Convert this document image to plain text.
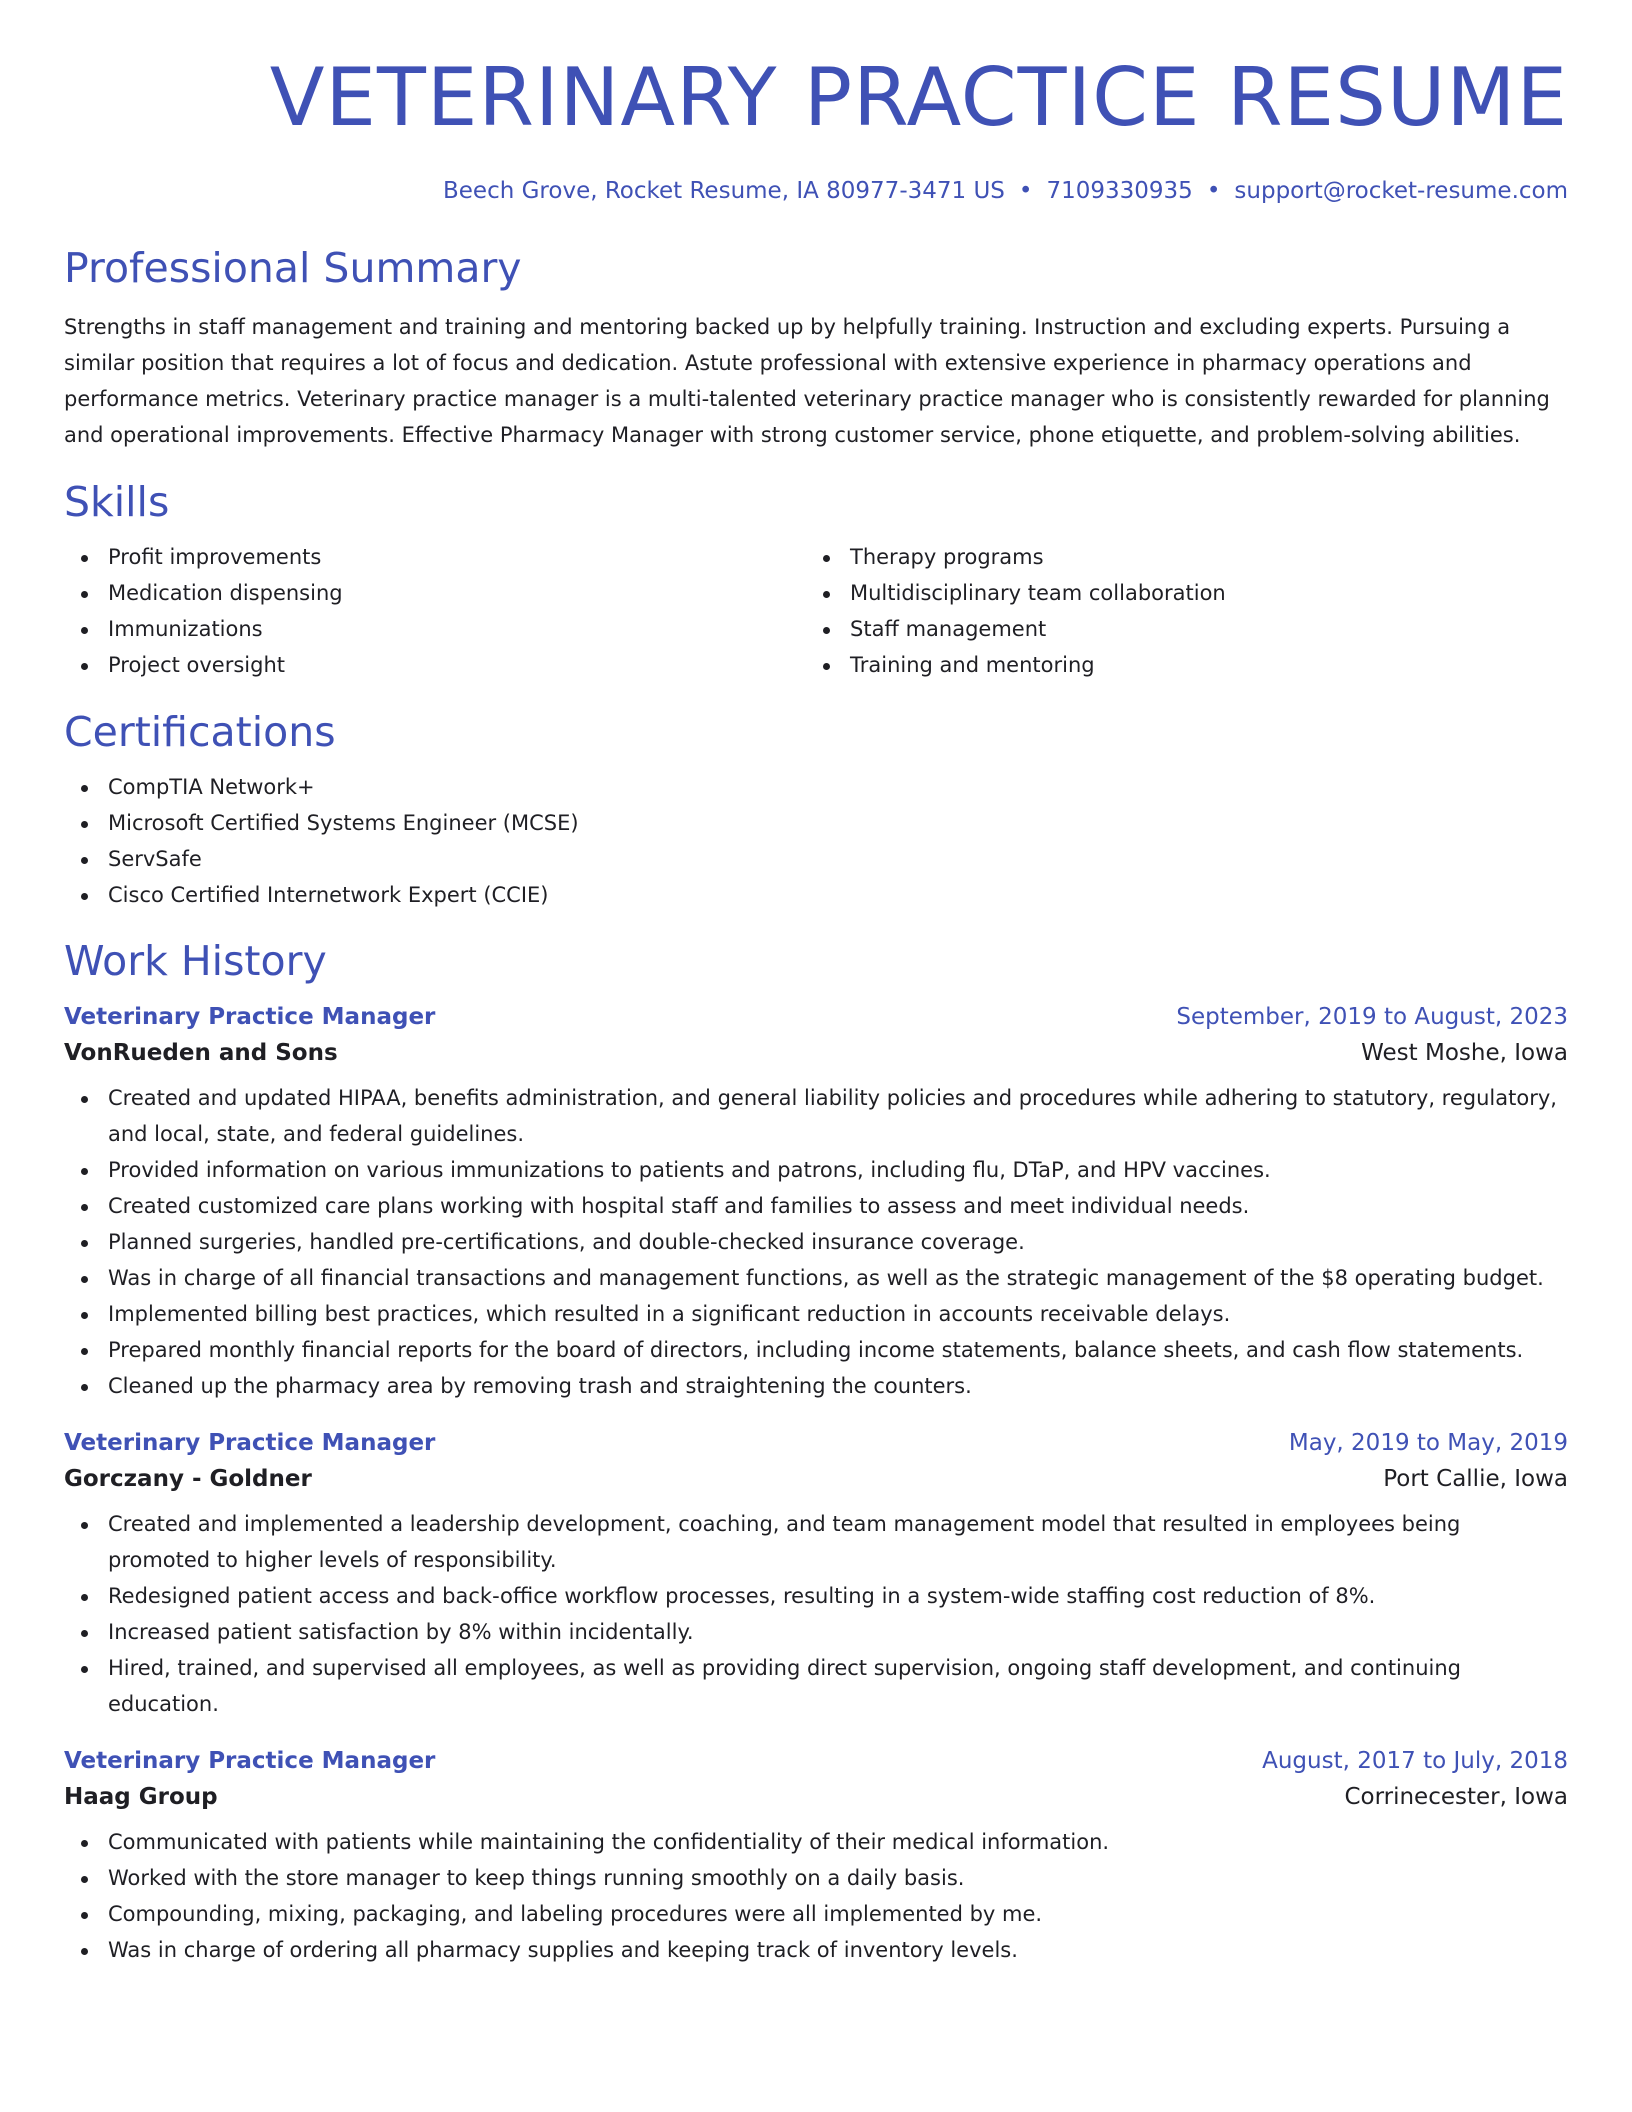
VETERINARY PRACTICE RESUME
Beech Grove, Rocket Resume, IA 80977-3471 US • 7109330935 • support@rocket-resume.com
Professional Summary

Strengths in staff management and training and mentoring backed up by helpfully training. Instruction and excluding experts. Pursuing a similar position that requires a lot of focus and dedication. Astute professional with extensive experience in pharmacy operations and performance metrics. Veterinary practice manager is a multi-talented veterinary practice manager who is consistently rewarded for planning and operational improvements. Effective Pharmacy Manager with strong customer service, phone etiquette, and problem-solving abilities.

Skills
Profit improvements
Medication dispensing
Immunizations
Project oversight
Therapy programs
Multidisciplinary team collaboration
Staff management
Training and mentoring
Certifications
CompTIA Network+
Microsoft Certified Systems Engineer (MCSE)
ServSafe
Cisco Certified Internetwork Expert (CCIE)
Work History
Veterinary Practice Manager	September, 2019 to August, 2023
VonRueden and Sons	West Moshe, Iowa
Created and updated HIPAA, benefits administration, and general liability policies and procedures while adhering to statutory, regulatory, and local, state, and federal guidelines.
Provided information on various immunizations to patients and patrons, including flu, DTaP, and HPV vaccines.
Created customized care plans working with hospital staff and families to assess and meet individual needs.
Planned surgeries, handled pre-certifications, and double-checked insurance coverage.
Was in charge of all financial transactions and management functions, as well as the strategic management of the $8 operating budget.
Implemented billing best practices, which resulted in a significant reduction in accounts receivable delays.
Prepared monthly financial reports for the board of directors, including income statements, balance sheets, and cash flow statements.
Cleaned up the pharmacy area by removing trash and straightening the counters.
Veterinary Practice Manager	May, 2019 to May, 2019
Gorczany - Goldner	Port Callie, Iowa
Created and implemented a leadership development, coaching, and team management model that resulted in employees being promoted to higher levels of responsibility.
Redesigned patient access and back-office workflow processes, resulting in a system-wide staffing cost reduction of 8%.
Increased patient satisfaction by 8% within incidentally.
Hired, trained, and supervised all employees, as well as providing direct supervision, ongoing staff development, and continuing education.
Veterinary Practice Manager	August, 2017 to July, 2018
Haag Group	Corrinecester, Iowa
Communicated with patients while maintaining the confidentiality of their medical information.
Worked with the store manager to keep things running smoothly on a daily basis.
Compounding, mixing, packaging, and labeling procedures were all implemented by me.
Was in charge of ordering all pharmacy supplies and keeping track of inventory levels.
